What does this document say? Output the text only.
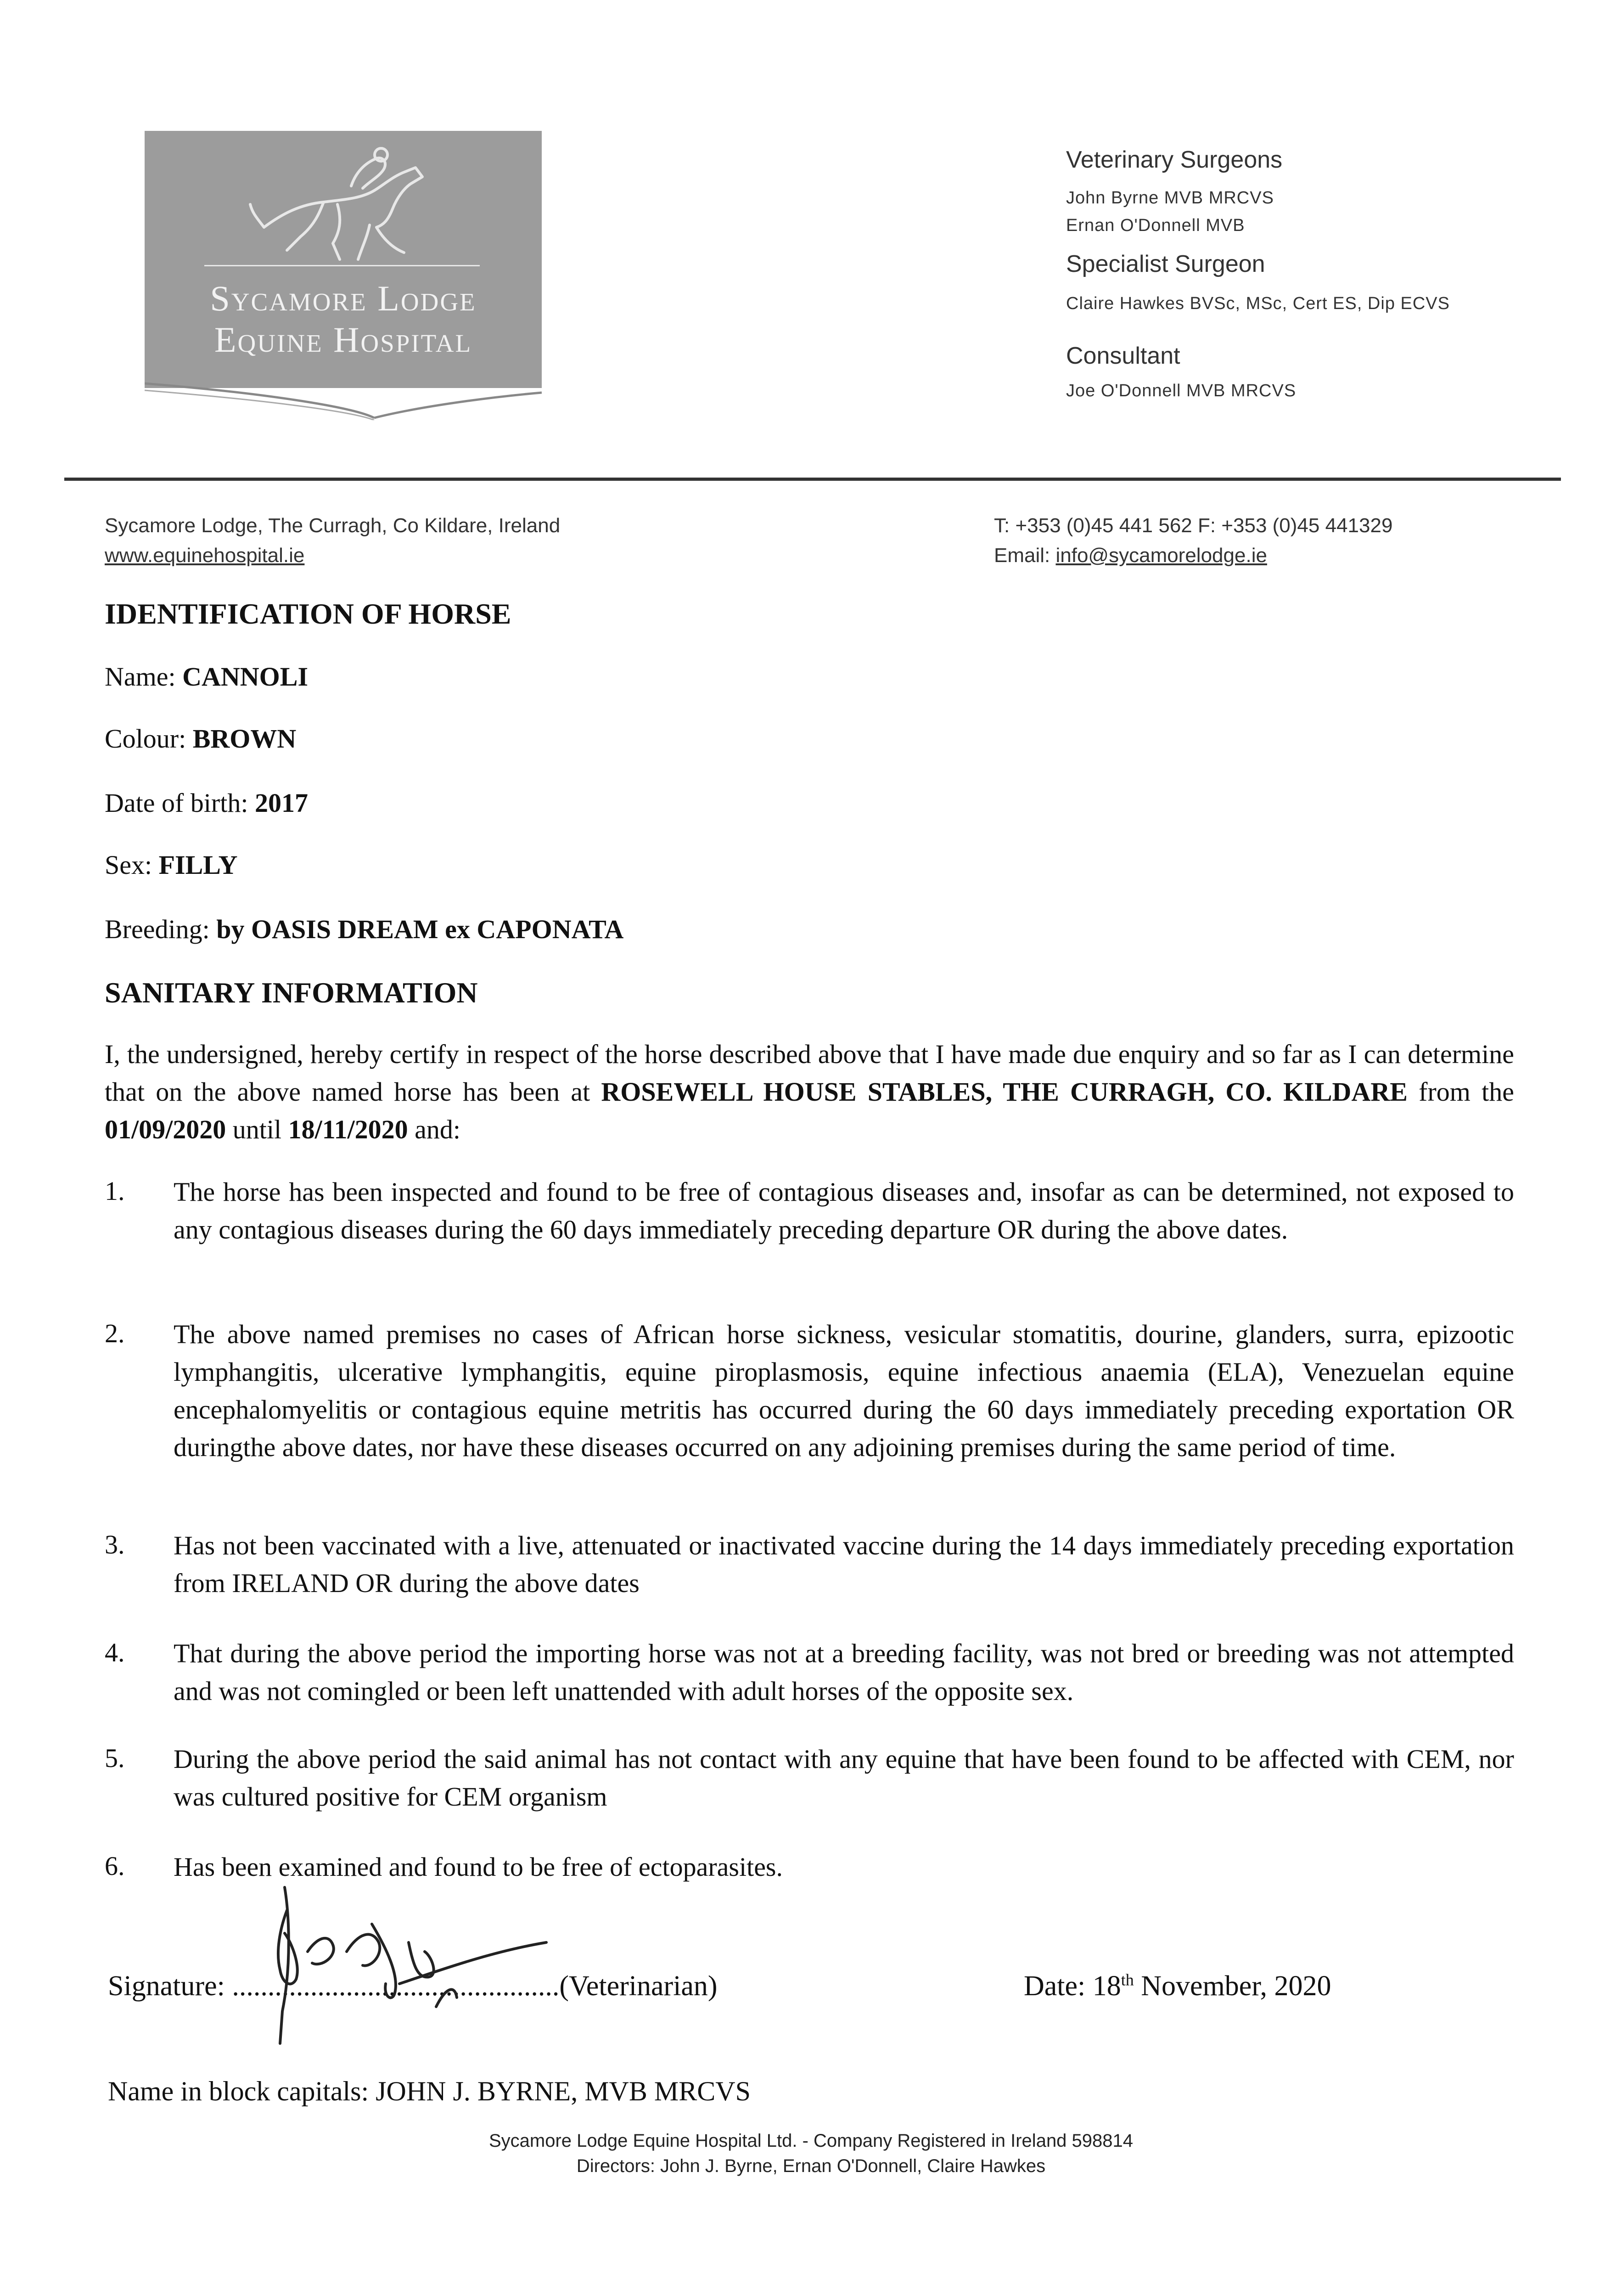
Sycamore Lodge
Equine Hospital
Veterinary Surgeons
John Byrne MVB MRCVS
Ernan O'Donnell MVB
Specialist Surgeon
Claire Hawkes BVSc, MSc, Cert ES, Dip ECVS
Consultant
Joe O'Donnell MVB MRCVS
Sycamore Lodge, The Curragh, Co Kildare, Ireland
www.equinehospital.ie
T: +353 (0)45 441 562 F: +353 (0)45 441329
Email: info@sycamorelodge.ie
IDENTIFICATION OF HORSE
Name: CANNOLI
Colour: BROWN
Date of birth: 2017
Sex: FILLY
Breeding: by OASIS DREAM ex CAPONATA
SANITARY INFORMATION
I, the undersigned, hereby certify in respect of the horse described above that I have made due enquiry and so far as I can determine that on the above named horse has been at ROSEWELL HOUSE STABLES, THE CURRAGH, CO. KILDARE from the 01/09/2020 until 18/11/2020 and:
1. The horse has been inspected and found to be free of contagious diseases and, insofar as can be determined, not exposed to any contagious diseases during the 60 days immediately preceding departure OR during the above dates.
2. The above named premises no cases of African horse sickness, vesicular stomatitis, dourine, glanders, surra, epizootic lymphangitis, ulcerative lymphangitis, equine piroplasmosis, equine infectious anaemia (ELA), Venezuelan equine encephalomyelitis or contagious equine metritis has occurred during the 60 days immediately preceding exportation OR duringthe above dates, nor have these diseases occurred on any adjoining premises during the same period of time.
3. Has not been vaccinated with a live, attenuated or inactivated vaccine during the 14 days immediately preceding exportation from IRELAND OR during the above dates
4. That during the above period the importing horse was not at a breeding facility, was not bred or breeding was not attempted and was not comingled or been left unattended with adult horses of the opposite sex.
5. During the above period the said animal has not contact with any equine that have been found to be affected with CEM, nor was cultured positive for CEM organism
6. Has been examined and found to be free of ectoparasites.
Signature: ..............................................(Veterinarian)	Date: 18th November, 2020
Name in block capitals: JOHN J. BYRNE, MVB MRCVS
Sycamore Lodge Equine Hospital Ltd. - Company Registered in Ireland 598814
Directors: John J. Byrne, Ernan O'Donnell, Claire Hawkes
